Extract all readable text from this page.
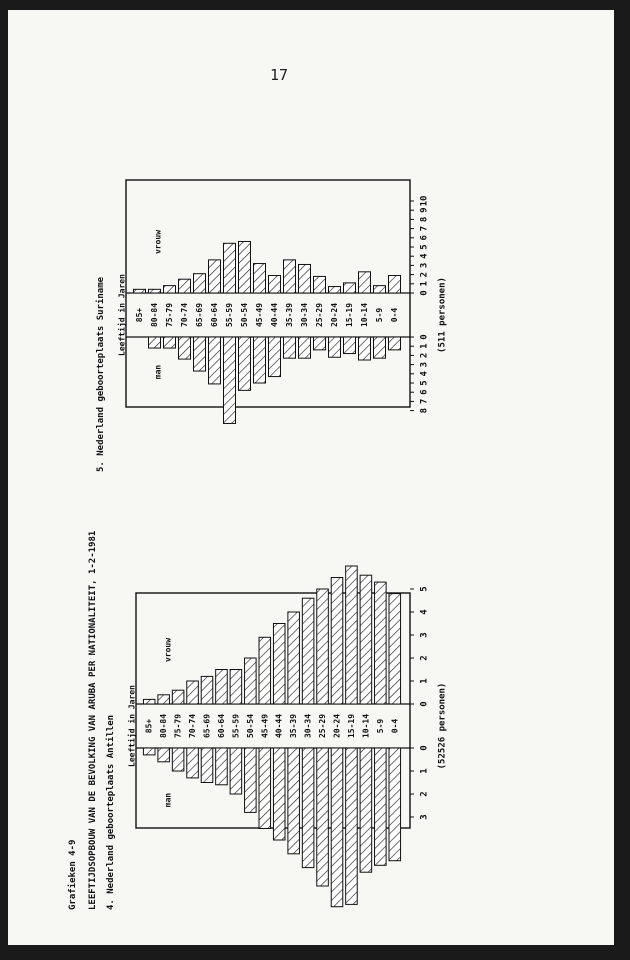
17
Grafieken 4-9 LEEFTIJDSOPBOUW VAN DE BEVOLKING VAN ARUBA PER NATIONALITEIT, 1-2-1981 4. Nederland geboorteplaats Antillen
5. Nederland geboorteplaats Suriname
0-4
5-9
10-14
15-19
20-24
25-29
30-34
35-39
40-44
45-49
50-54
55-59
60-64
65-69
70-74
75-79
80-84
85+
3
2
1
0
0
1
2
3
4
5
man
vrouw
Leeftijd in Jaren	(52526 personen)
0-4
5-9
10-14
15-19
20-24
25-29
30-34
35-39
40-44
45-49
50-54
55-59
60-64
65-69
70-74
75-79
80-84
85+
8
7
6
5
4
3
2
1
0
0
1
2
3
4
5
6
7
8
9
10
man
vrouw
Leeftijd in Jaren	(511 personen)
